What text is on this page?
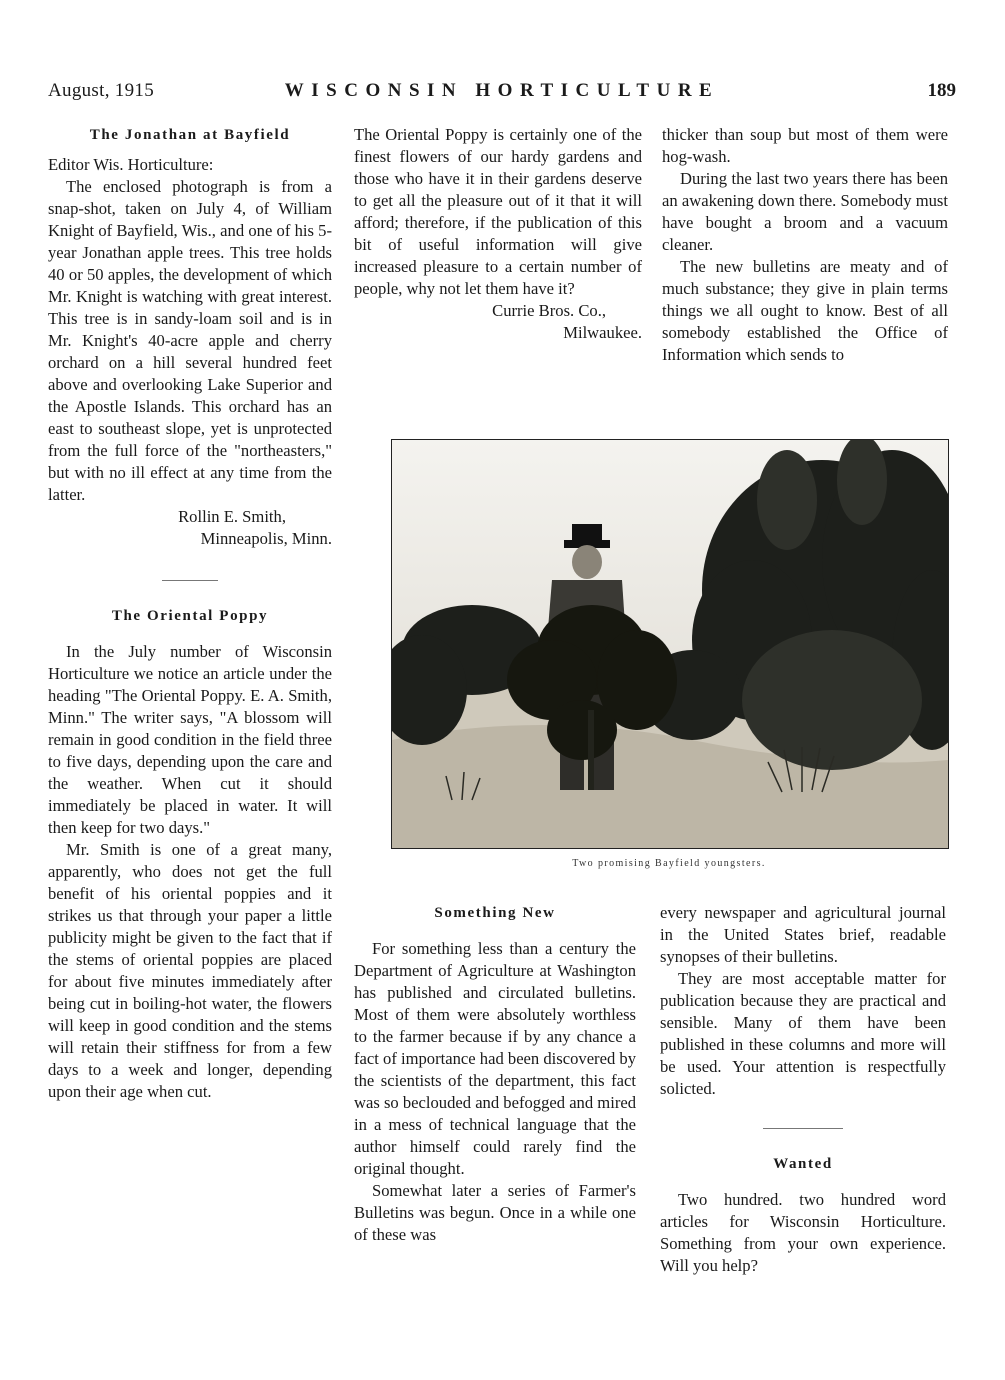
August, 1915	WISCONSIN HORTICULTURE	189
The Jonathan at Bayfield

Editor Wis. Horticulture:

The enclosed photograph is from a snap-shot, taken on July 4, of William Knight of Bayfield, Wis., and one of his 5-year Jonathan apple trees. This tree holds 40 or 50 apples, the development of which Mr. Knight is watching with great interest. This tree is in sandy-loam soil and is in Mr. Knight's 40-acre apple and cherry orchard on a hill several hundred feet above and overlooking Lake Superior and the Apostle Islands. This orchard has an east to southeast slope, yet is unprotected from the full force of the "northeasters," but with no ill effect at any time from the latter.

Rollin E. Smith,

Minneapolis, Minn.

The Oriental Poppy

In the July number of Wisconsin Horticulture we notice an article under the heading "The Oriental Poppy. E. A. Smith, Minn." The writer says, "A blossom will remain in good condition in the field three to five days, depending upon the care and the weather. When cut it should immediately be placed in water. It will then keep for two days."

Mr. Smith is one of a great many, apparently, who does not get the full benefit of his oriental poppies and it strikes us that through your paper a little publicity might be given to the fact that if the stems of oriental poppies are placed for about five minutes immediately after being cut in boiling-hot water, the flowers will keep in good condition and the stems will retain their stiffness for from a few days to a week and longer, depending upon their age when cut.

The Oriental Poppy is certainly one of the finest flowers of our hardy gardens and those who have it in their gardens deserve to get all the pleasure out of it that it will afford; therefore, if the publication of this bit of useful information will give increased pleasure to a certain number of people, why not let them have it?

Currie Bros. Co.,

Milwaukee.

thicker than soup but most of them were hog-wash.

During the last two years there has been an awakening down there. Somebody must have bought a broom and a vacuum cleaner.

The new bulletins are meaty and of much substance; they give in plain terms things we all ought to know. Best of all somebody established the Office of Information which sends to

Two promising Bayfield youngsters.
Something New

For something less than a century the Department of Agriculture at Washington has published and circulated bulletins. Most of them were absolutely worthless to the farmer because if by any chance a fact of importance had been discovered by the scientists of the department, this fact was so beclouded and befogged and mired in a mess of technical language that the author himself could rarely find the original thought.

Somewhat later a series of Farmer's Bulletins was begun. Once in a while one of these was

every newspaper and agricultural journal in the United States brief, readable synopses of their bulletins.

They are most acceptable matter for publication because they are practical and sensible. Many of them have been published in these columns and more will be used. Your attention is respectfully solicted.

Wanted

Two hundred. two hundred word articles for Wisconsin Horticulture. Something from your own experience. Will you help?
